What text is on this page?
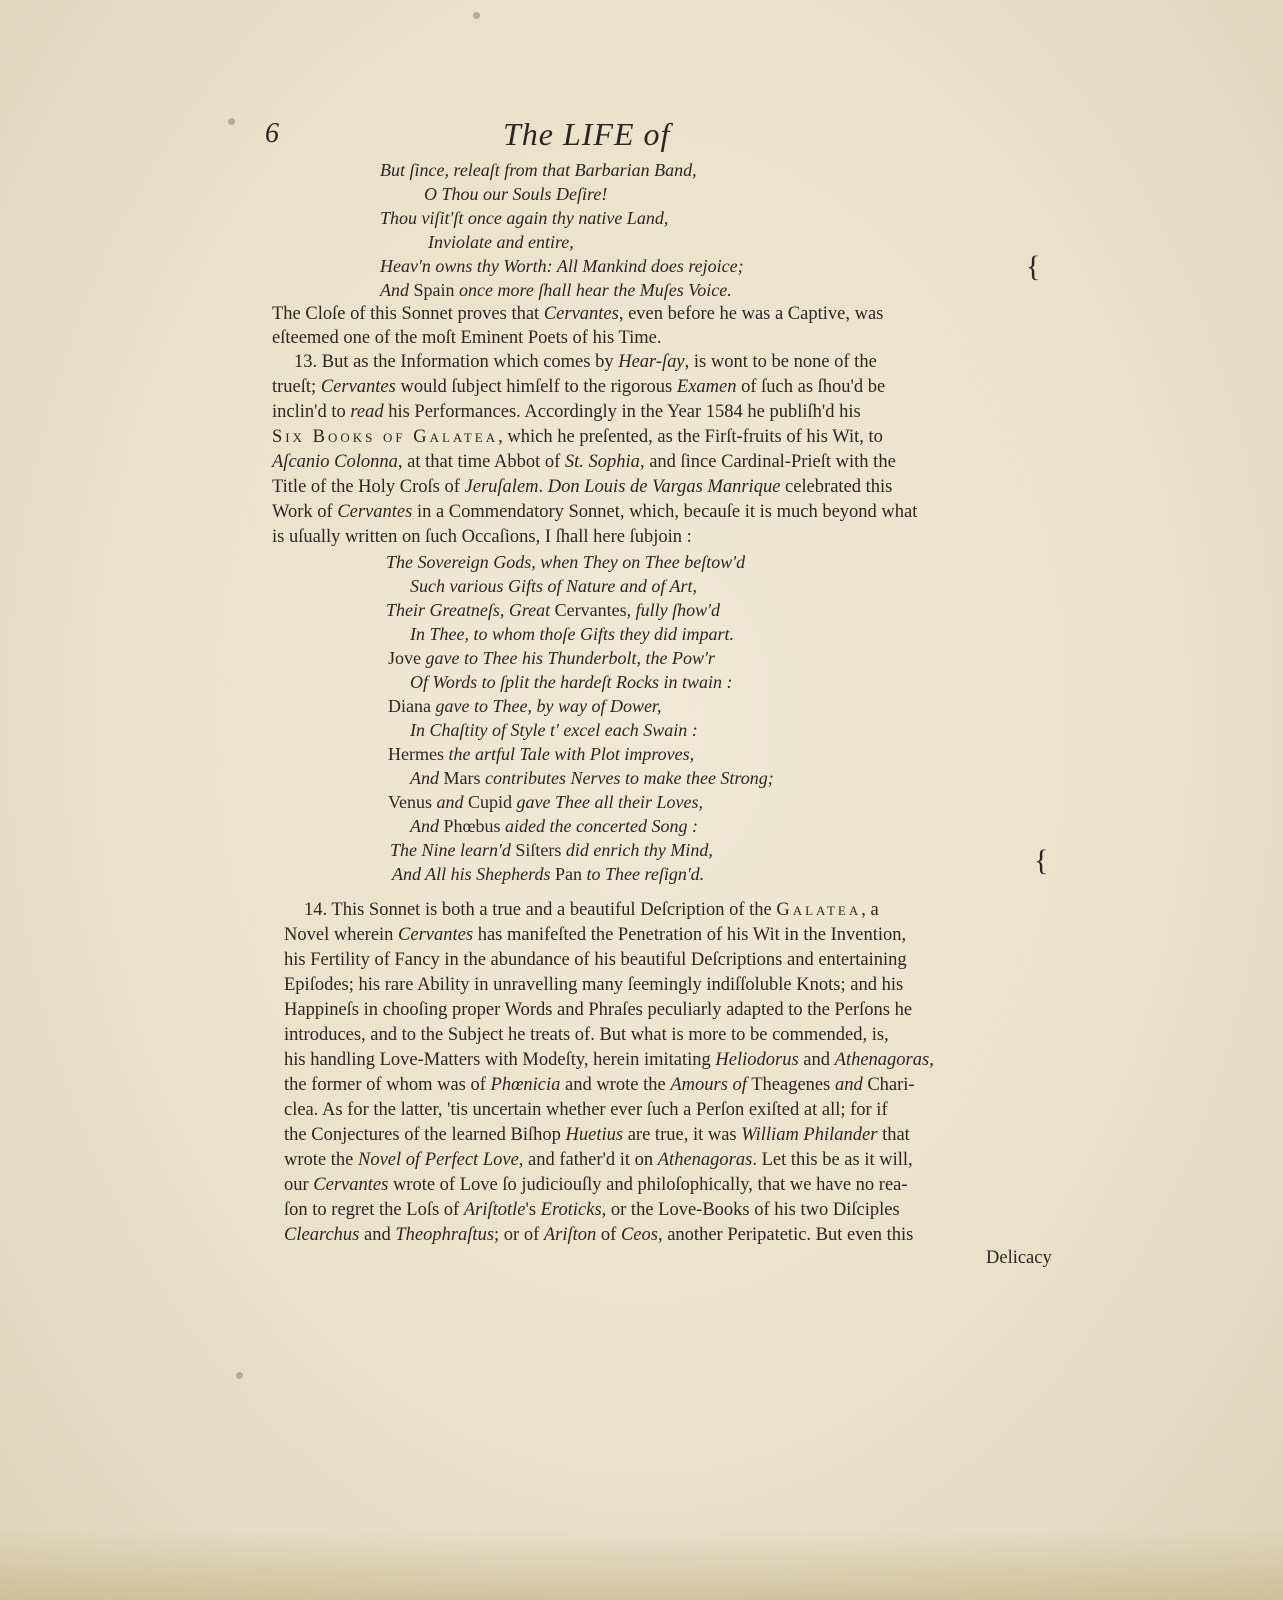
6	The LIFE of
But ſince, releaſt from that Barbarian Band,
O Thou our Souls Deſire!
Thou viſit'ſt once again thy native Land,
Inviolate and entire,
Heav'n owns thy Worth: All Mankind does rejoice;
And Spain once more ſhall hear the Muſes Voice.
{
The Cloſe of this Sonnet proves that Cervantes, even before he was a Captive, was
eſteemed one of the moſt Eminent Poets of his Time.
13. But as the Information which comes by Hear-ſay, is wont to be none of the
trueſt; Cervantes would ſubject himſelf to the rigorous Examen of ſuch as ſhou'd be
inclin'd to read his Performances. Accordingly in the Year 1584 he publiſh'd his
Six Books of Galatea, which he preſented, as the Firſt-fruits of his Wit, to
Aſcanio Colonna, at that time Abbot of St. Sophia, and ſince Cardinal-Prieſt with the
Title of the Holy Croſs of Jeruſalem. Don Louis de Vargas Manrique celebrated this
Work of Cervantes in a Commendatory Sonnet, which, becauſe it is much beyond what
is uſually written on ſuch Occaſions, I ſhall here ſubjoin :
The Sovereign Gods, when They on Thee beſtow'd
Such various Gifts of Nature and of Art,
Their Greatneſs, Great Cervantes, fully ſhow'd
In Thee, to whom thoſe Gifts they did impart.
Jove gave to Thee his Thunderbolt, the Pow'r
Of Words to ſplit the hardeſt Rocks in twain :
Diana gave to Thee, by way of Dower,
In Chaſtity of Style t' excel each Swain :
Hermes the artful Tale with Plot improves,
And Mars contributes Nerves to make thee Strong;
Venus and Cupid gave Thee all their Loves,
And Phœbus aided the concerted Song :
The Nine learn'd Siſters did enrich thy Mind,
And All his Shepherds Pan to Thee reſign'd.	{
14. This Sonnet is both a true and a beautiful Deſcription of the Galatea, a
Novel wherein Cervantes has manifeſted the Penetration of his Wit in the Invention,
his Fertility of Fancy in the abundance of his beautiful Deſcriptions and entertaining
Epiſodes; his rare Ability in unravelling many ſeemingly indiſſoluble Knots; and his
Happineſs in chooſing proper Words and Phraſes peculiarly adapted to the Perſons he
introduces, and to the Subject he treats of. But what is more to be commended, is,
his handling Love-Matters with Modeſty, herein imitating Heliodorus and Athenagoras,
the former of whom was of Phœnicia and wrote the Amours of Theagenes and Chari-
clea. As for the latter, 'tis uncertain whether ever ſuch a Perſon exiſted at all; for if
the Conjectures of the learned Biſhop Huetius are true, it was William Philander that
wrote the Novel of Perfect Love, and father'd it on Athenagoras. Let this be as it will,
our Cervantes wrote of Love ſo judiciouſly and philoſophically, that we have no rea-
ſon to regret the Loſs of Ariſtotle's Eroticks, or the Love-Books of his two Diſciples
Clearchus and Theophraſtus; or of Ariſton of Ceos, another Peripatetic. But even this
Delicacy
